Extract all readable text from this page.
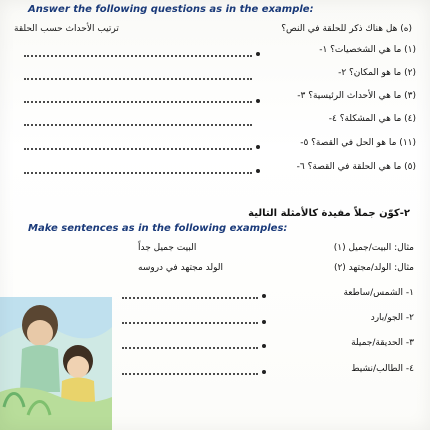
Answer the following questions as in the example:
(ه) هل هناك ذكر للحلقة في النص؟
ترتيب الأحداث حسب الحلقة
(١) ما هي الشخصيات؟ ١-
(٢) ما هو المكان؟ ٢-
(٣) ما هي الأحداث الرئيسية؟ ٣-
(٤) ما هي المشكلة؟ ٤-
(١١) ما هو الحل في القصة؟ ٥-
(٥) ما هي الحلقة في القصة؟ ٦-
٢-كوّن جملاً مفيدة كالأمثلة التالية
Make sentences as in the following examples:
البيت جميل جداً	(١) مثال: البيت/جميل
الولد مجتهد في دروسه	(٢) مثال: الولد/مجتهد
١- الشمس/ساطعة
٢- الجو/بارد
٣- الحديقة/جميلة
٤- الطالب/نشيط
